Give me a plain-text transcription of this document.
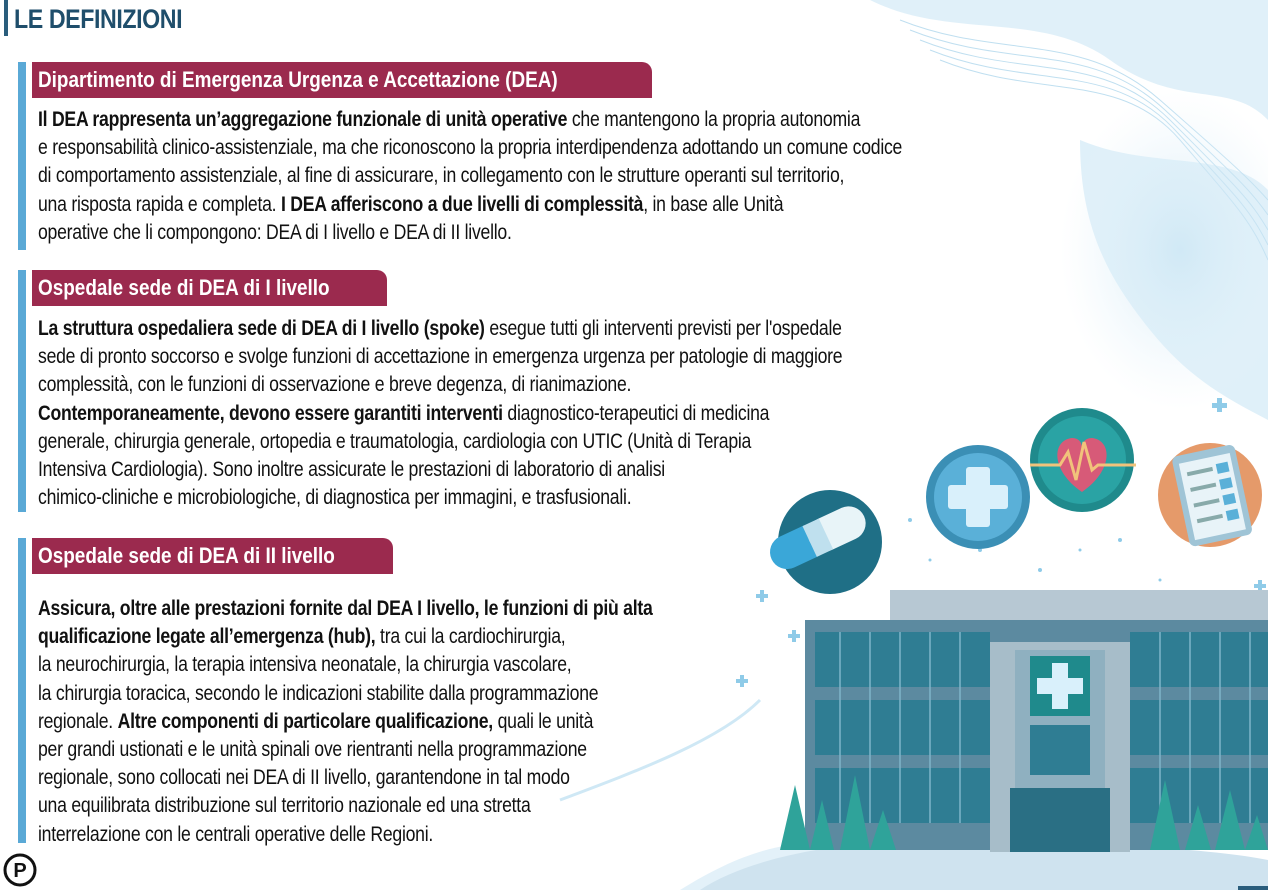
LE DEFINIZIONI
Dipartimento di Emergenza Urgenza e Accettazione (DEA)
Il DEA rappresenta un’aggregazione funzionale di unità operative che mantengono la propria autonomia
e responsabilità clinico-assistenziale, ma che riconoscono la propria interdipendenza adottando un comune codice
di comportamento assistenziale, al fine di assicurare, in collegamento con le strutture operanti sul territorio,
una risposta rapida e completa. I DEA afferiscono a due livelli di complessità, in base alle Unità
operative che li compongono: DEA di I livello e DEA di II livello.
Ospedale sede di DEA di I livello
La struttura ospedaliera sede di DEA di I livello (spoke) esegue tutti gli interventi previsti per l'ospedale
sede di pronto soccorso e svolge funzioni di accettazione in emergenza urgenza per patologie di maggiore
complessità, con le funzioni di osservazione e breve degenza, di rianimazione.
Contemporaneamente, devono essere garantiti interventi diagnostico-terapeutici di medicina
generale, chirurgia generale, ortopedia e traumatologia, cardiologia con UTIC (Unità di Terapia
Intensiva Cardiologia). Sono inoltre assicurate le prestazioni di laboratorio di analisi
chimico-cliniche e microbiologiche, di diagnostica per immagini, e trasfusionali.
Ospedale sede di DEA di II livello
Assicura, oltre alle prestazioni fornite dal DEA I livello, le funzioni di più alta
qualificazione legate all’emergenza (hub), tra cui la cardiochirurgia,
la neurochirurgia, la terapia intensiva neonatale, la chirurgia vascolare,
la chirurgia toracica, secondo le indicazioni stabilite dalla programmazione
regionale. Altre componenti di particolare qualificazione, quali le unità
per grandi ustionati e le unità spinali ove rientranti nella programmazione
regionale, sono collocati nei DEA di II livello, garantendone in tal modo
una equilibrata distribuzione sul territorio nazionale ed una stretta
interrelazione con le centrali operative delle Regioni.
P
